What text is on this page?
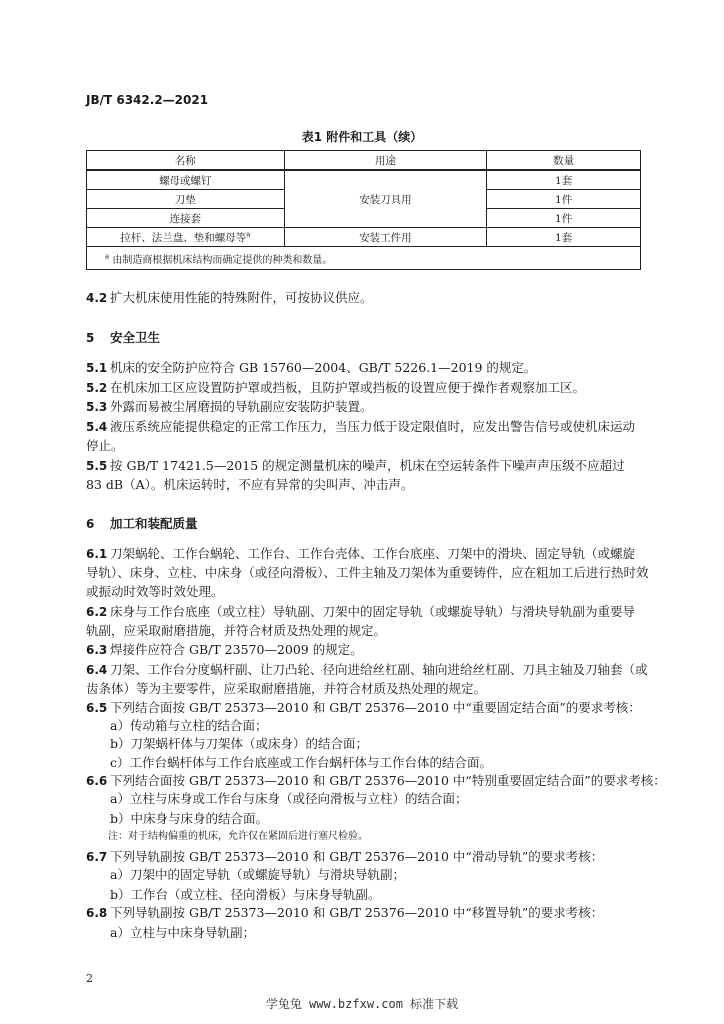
JB/T 6342.2—2021
表1 附件和工具（续）
名称	用途	数量
螺母或螺钉	安装刀具用	1套
刀垫		1件
连接套		1件
拉杆、法兰盘、垫和螺母等$^a$	安装工件用	1套
$^a$ 由制造商根据机床结构而确定提供的种类和数量。		
4.2 扩大机床使用性能的特殊附件，可按协议供应。
5 安全卫生
5.1 机床的安全防护应符合 GB 15760—2004、GB/T 5226.1—2019 的规定。
5.2 在机床加工区应设置防护罩或挡板，且防护罩或挡板的设置应便于操作者观察加工区。
5.3 外露而易被尘屑磨损的导轨副应安装防护装置。
5.4 液压系统应能提供稳定的正常工作压力，当压力低于设定限值时，应发出警告信号或使机床运动
停止。
5.5 按 GB/T 17421.5—2015 的规定测量机床的噪声，机床在空运转条件下噪声声压级不应超过
83 dB（A）。机床运转时，不应有异常的尖叫声、冲击声。
6 加工和装配质量
6.1 刀架蜗轮、工作台蜗轮、工作台、工作台壳体、工作台底座、刀架中的滑块、固定导轨（或螺旋
导轨）、床身、立柱、中床身（或径向滑板）、工件主轴及刀架体为重要铸件，应在粗加工后进行热时效
或振动时效等时效处理。
6.2 床身与工作台底座（或立柱）导轨副、刀架中的固定导轨（或螺旋导轨）与滑块导轨副为重要导
轨副，应采取耐磨措施，并符合材质及热处理的规定。
6.3 焊接件应符合 GB/T 23570—2009 的规定。
6.4 刀架、工作台分度蜗杆副、让刀凸轮、径向进给丝杠副、轴向进给丝杠副、刀具主轴及刀轴套（或
齿条体）等为主要零件，应采取耐磨措施，并符合材质及热处理的规定。
6.5 下列结合面按 GB/T 25373—2010 和 GB/T 25376—2010 中“重要固定结合面”的要求考核：
a）传动箱与立柱的结合面；
b）刀架蜗杆体与刀架体（或床身）的结合面；
c）工作台蜗杆体与工作台底座或工作台蜗杆体与工作台体的结合面。
6.6 下列结合面按 GB/T 25373—2010 和 GB/T 25376—2010 中“特别重要固定结合面”的要求考核：
a）立柱与床身或工作台与床身（或径向滑板与立柱）的结合面；
b）中床身与床身的结合面。
注：对于结构偏重的机床，允许仅在紧固后进行塞尺检验。
6.7 下列导轨副按 GB/T 25373—2010 和 GB/T 25376—2010 中“滑动导轨”的要求考核：
a）刀架中的固定导轨（或螺旋导轨）与滑块导轨副；
b）工作台（或立柱、径向滑板）与床身导轨副。
6.8 下列导轨副按 GB/T 25373—2010 和 GB/T 25376—2010 中“移置导轨”的要求考核：
a）立柱与中床身导轨副；
2
学兔兔 www.bzfxw.com 标准下载
